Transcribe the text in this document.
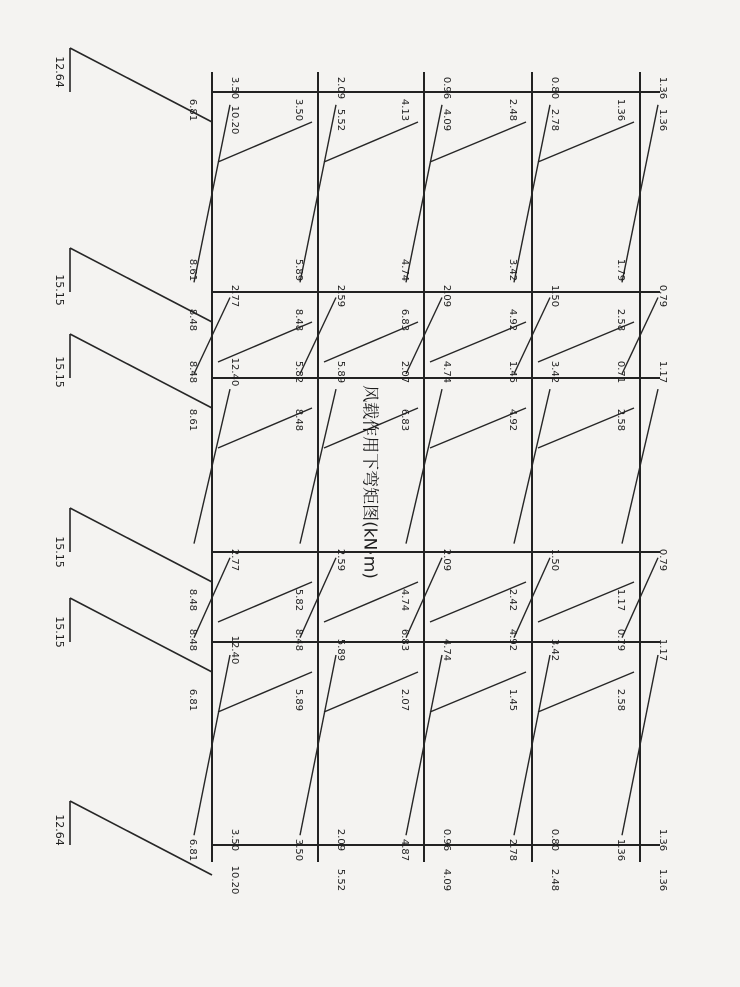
1.36
1.36
0.79
1.17
0.79
1.17
1.36
1.36
1.36
1.79
2.58
0.71
2.58
1.17
0.79
2.58
1.36
0.80
2.78
1.50
3.42
1.50
3.42
0.80
2.48
2.48
3.42
4.92
1.45
4.92
2.42
4.92
1.45
2.78
0.96
4.09
2.09
4.74
2.09
4.74
0.96
4.09
4.13
4.74
6.83
2.07
6.83
4.74
6.83
2.07
4.87
2.09
5.52
2.59
5.89
2.59
5.89
2.09
5.52
3.50
5.89
8.48
5.82
8.48
5.82
8.48
5.89
3.50
3.50
10.20
2.77
12.40
2.77
12.40
3.50
10.20
6.81
8.61
8.48
8.48
8.61
8.48
8.48
6.81
6.81
12.64
15.15
15.15
15.15
15.15
12.64
风载作用下弯矩图(kN·m)
